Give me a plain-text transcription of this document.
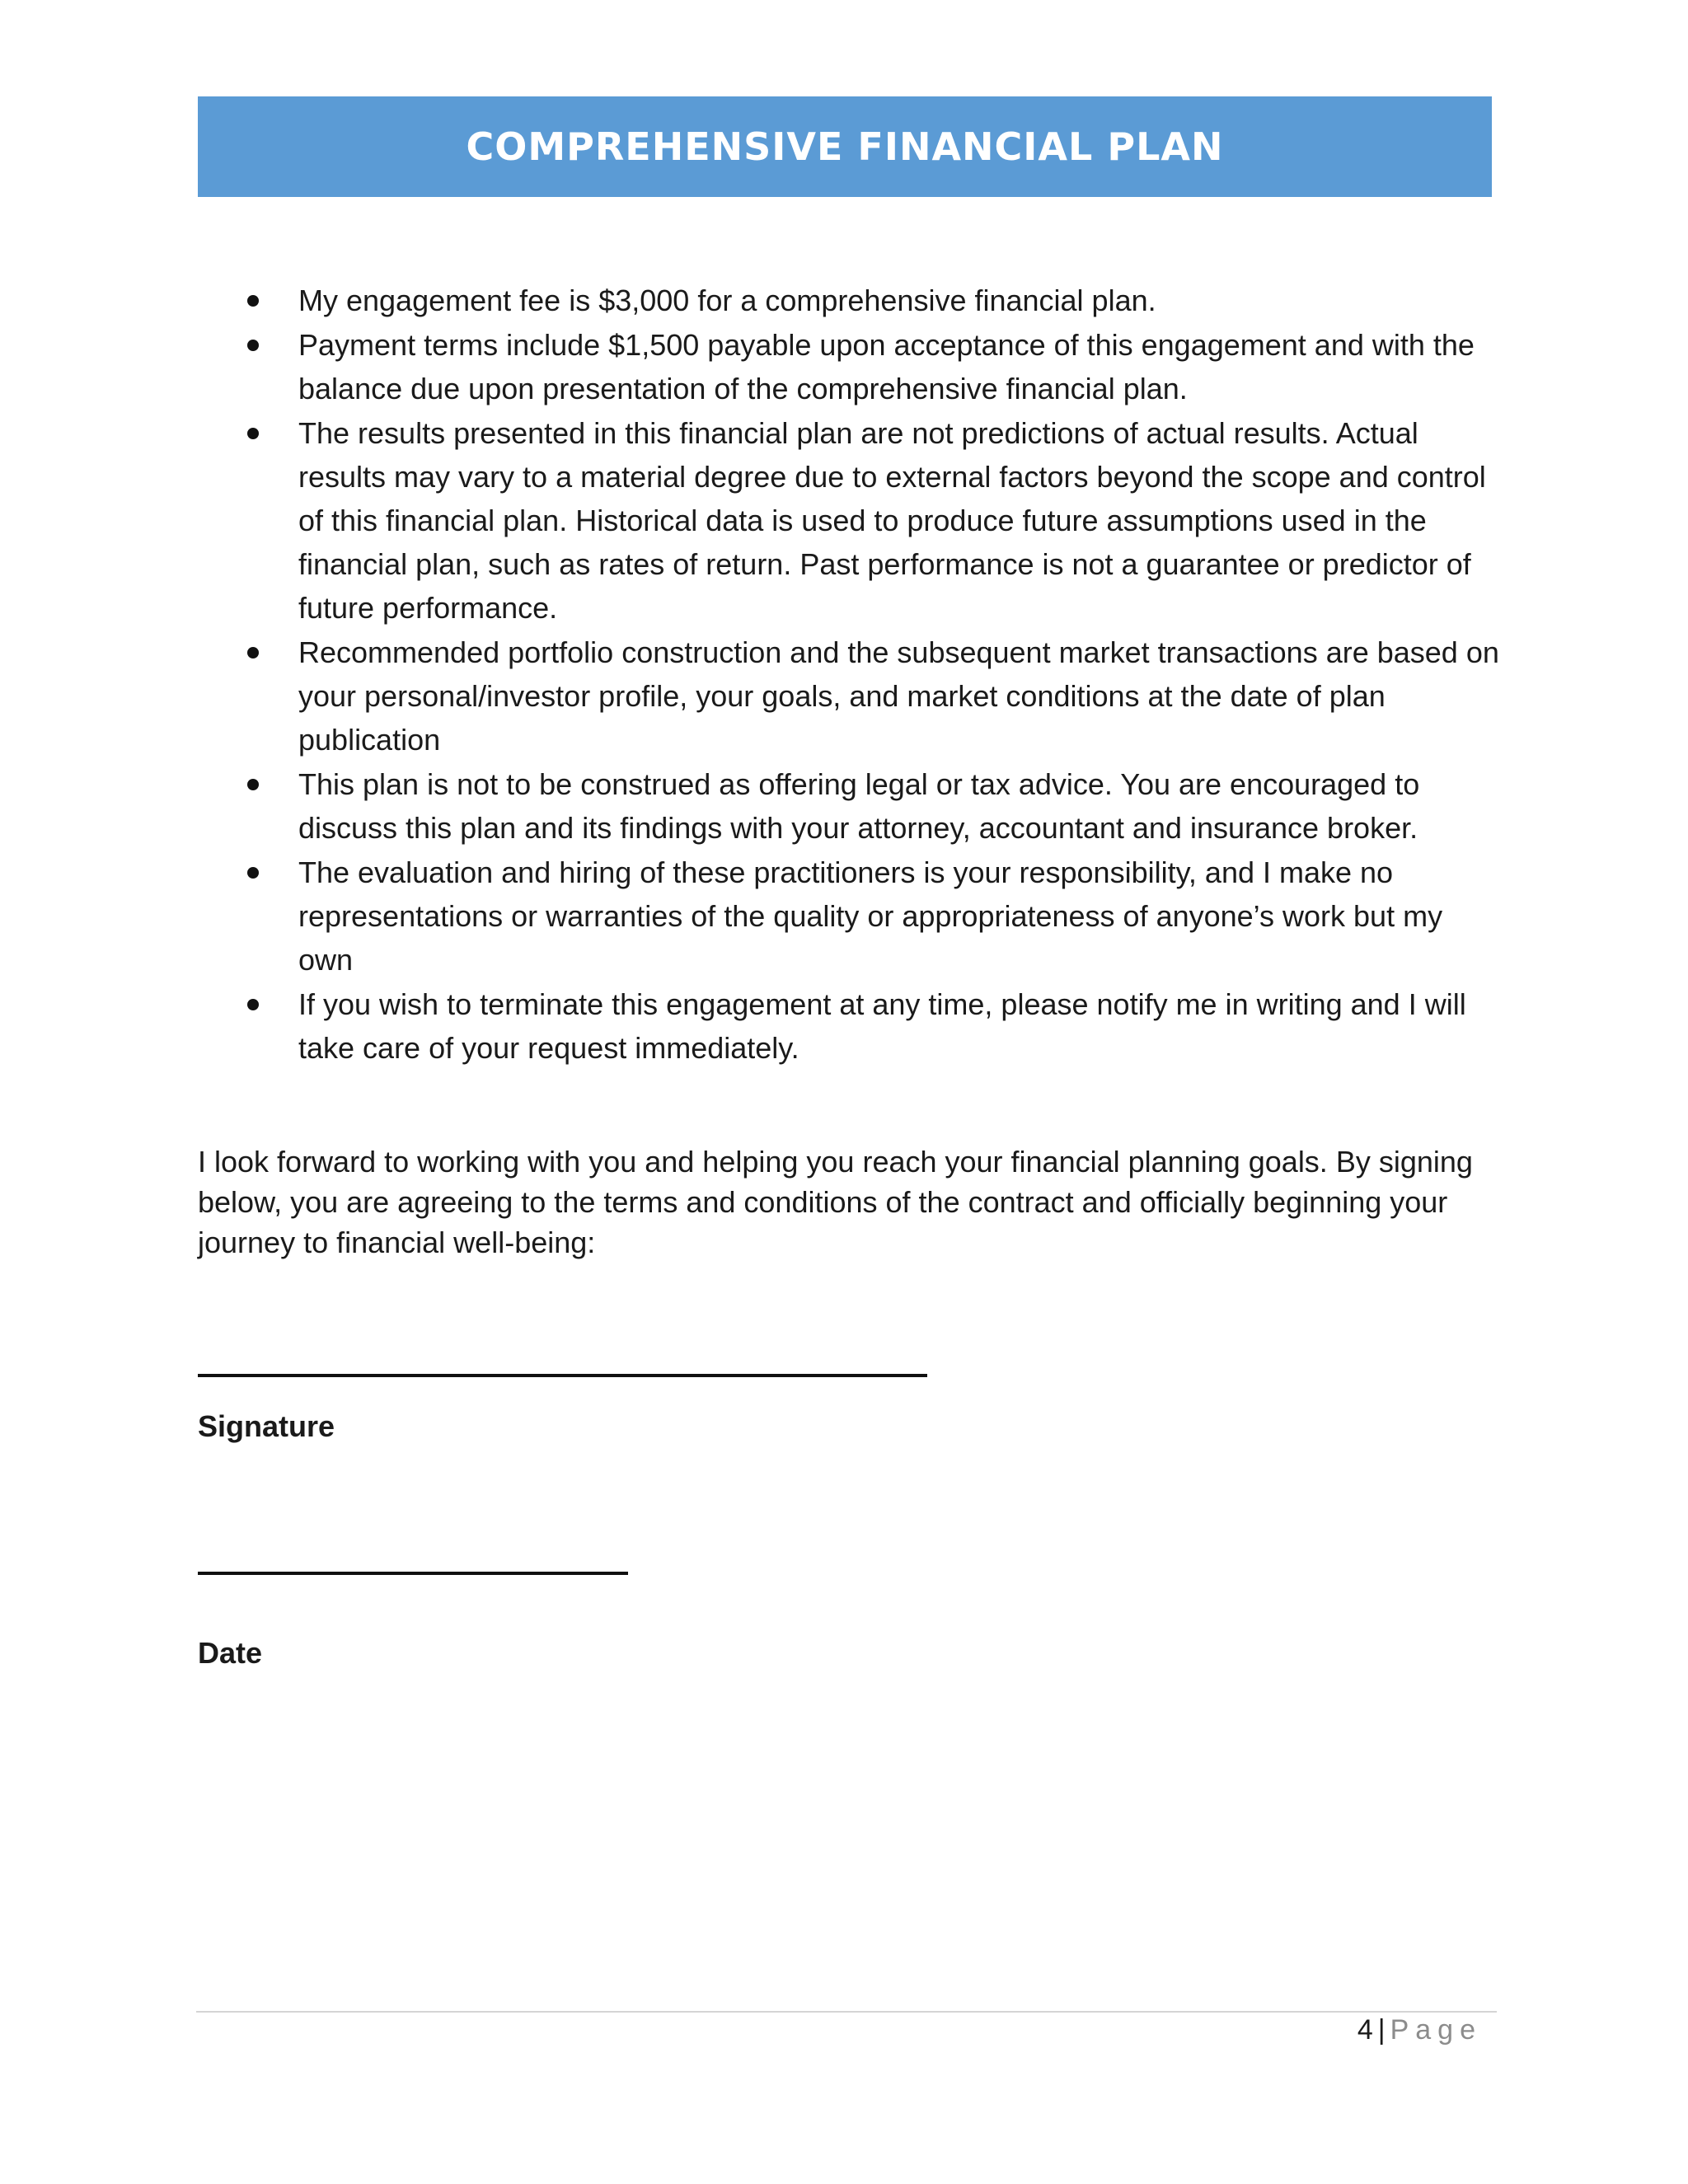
COMPREHENSIVE FINANCIAL PLAN
My engagement fee is $3,000 for a comprehensive financial plan.
Payment terms include $1,500 payable upon acceptance of this engagement and with the balance due upon presentation of the comprehensive financial plan.
The results presented in this financial plan are not predictions of actual results. Actual results may vary to a material degree due to external factors beyond the scope and control of this financial plan. Historical data is used to produce future assumptions used in the financial plan, such as rates of return. Past performance is not a guarantee or predictor of future performance.
Recommended portfolio construction and the subsequent market transactions are based on your personal/investor profile, your goals, and market conditions at the date of plan publication
This plan is not to be construed as offering legal or tax advice. You are encouraged to discuss this plan and its findings with your attorney, accountant and insurance broker.
The evaluation and hiring of these practitioners is your responsibility, and I make no representations or warranties of the quality or appropriateness of anyone’s work but my own
If you wish to terminate this engagement at any time, please notify me in writing and I will take care of your request immediately.

I look forward to working with you and helping you reach your financial planning goals. By signing below, you are agreeing to the terms and conditions of the contract and officially beginning your journey to financial well-being:

Signature
Date
4 | Page
